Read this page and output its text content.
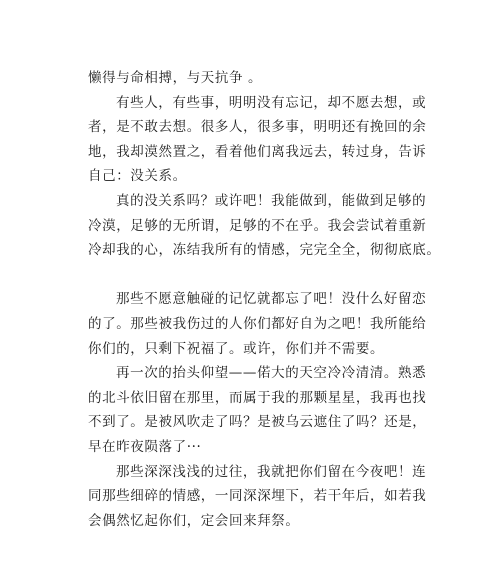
懒得与命相搏，与天抗争 。
有些人，有些事，明明没有忘记，却不愿去想，或
者，是不敢去想。很多人，很多事，明明还有挽回的余
地，我却漠然置之，看着他们离我远去，转过身，告诉
自己：没关系。
真的没关系吗？或许吧！我能做到，能做到足够的
冷漠，足够的无所谓，足够的不在乎。我会尝试着重新
冷却我的心，冻结我所有的情感，完完全全，彻彻底底。
那些不愿意触碰的记忆就都忘了吧！没什么好留恋
的了。那些被我伤过的人你们都好自为之吧！我所能给
你们的，只剩下祝福了。或许，你们并不需要。
再一次的抬头仰望——偌大的天空冷冷清清。熟悉
的北斗依旧留在那里，而属于我的那颗星星，我再也找
不到了。是被风吹走了吗？是被乌云遮住了吗？还是，
早在昨夜陨落了···
那些深深浅浅的过往，我就把你们留在今夜吧！连
同那些细碎的情感，一同深深埋下，若干年后，如若我
会偶然忆起你们，定会回来拜祭。
